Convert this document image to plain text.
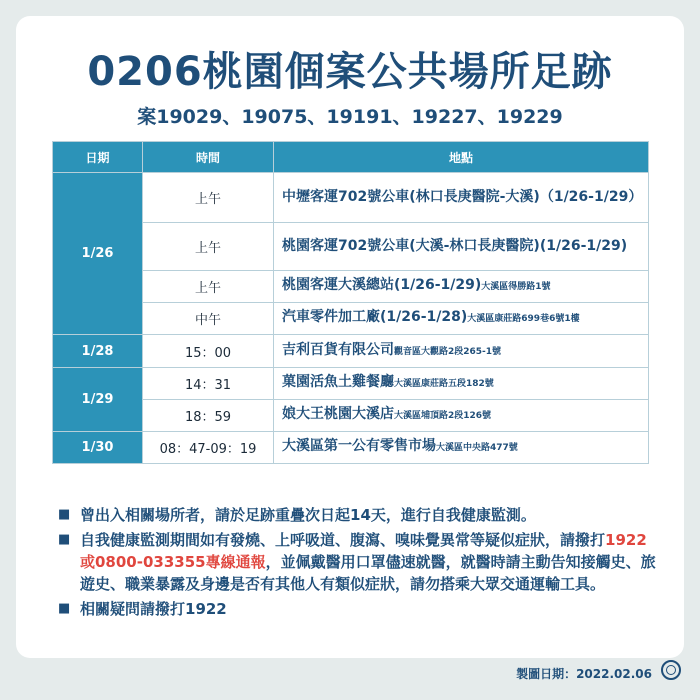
0206桃園個案公共場所足跡
案19029、19075、19191、19227、19229
日期	時間	地點
1/26	上午	中壢客運702號公車(林口長庚醫院-大溪)（1/26-1/29）
	上午	桃園客運702號公車(大溪-林口長庚醫院)(1/26-1/29)
	上午	桃園客運大溪總站(1/26-1/29)大溪區得勝路1號
	中午	汽車零件加工廠(1/26-1/28)大溪區康莊路699巷6號1樓
1/28	15：00	吉利百貨有限公司觀音區大觀路2段265-1號
1/29	14：31	菓園活魚土雞餐廳大溪區康莊路五段182號
	18：59	娘大王桃園大溪店大溪區埔頂路2段126號
1/30	08：47-09：19	大溪區第一公有零售市場大溪區中央路477號
■ 曾出入相關場所者，請於足跡重疊次日起14天，進行自我健康監測。
■ 自我健康監測期間如有發燒、上呼吸道、腹瀉、嗅味覺異常等疑似症狀，請撥打1922或0800-033355專線通報，並佩戴醫用口罩儘速就醫，就醫時請主動告知接觸史、旅遊史、職業暴露及身邊是否有其他人有類似症狀，請勿搭乘大眾交通運輸工具。
■ 相關疑問請撥打1922
製圖日期：2022.02.06
